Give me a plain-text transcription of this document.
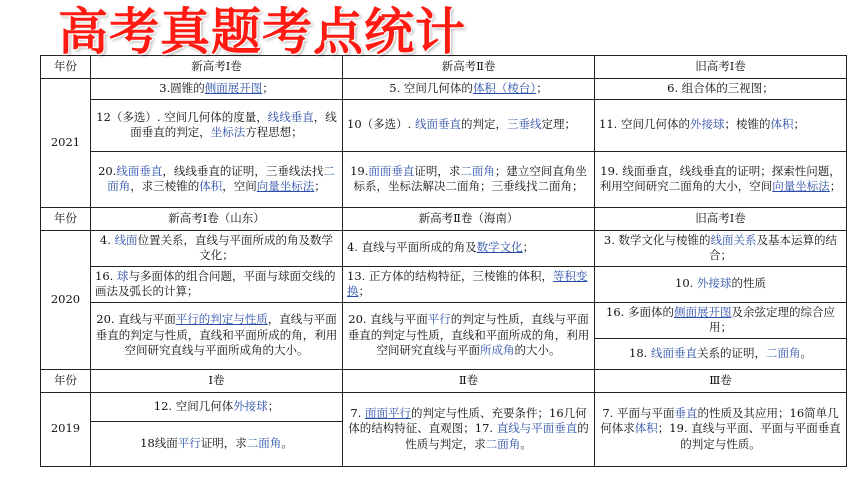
高考真题考点统计
年份	新高考Ⅰ卷	新高考Ⅱ卷	旧高考Ⅰ卷
2021	3.圆锥的侧面展开图；	5. 空间几何体的体积（棱台）；	6. 组合体的三视图；
	12（多选）. 空间几何体的度量，线线垂直，线面垂直的判定，坐标法方程思想；	10（多选）. 线面垂直的判定，三垂线定理；	11. 空间几何体的外接球；棱锥的体积；
	20.线面垂直，线线垂直的证明，三垂线法找二面角，求三棱锥的体积，空间向量坐标法；	19.面面垂直证明，求二面角；建立空间直角坐标系，坐标法解决二面角；三垂线找二面角；	19. 线面垂直，线线垂直的证明；探索性问题，利用空间研究二面角的大小，空间向量坐标法；
年份	新高考Ⅰ卷（山东）	新高考Ⅱ卷（海南）	旧高考Ⅰ卷
2020	4. 线面位置关系，直线与平面所成的角及数学文化；	4. 直线与平面所成的角及数学文化；	3. 数学文化与棱锥的线面关系及基本运算的结合；
	16. 球与多面体的组合问题，平面与球面交线的画法及弧长的计算；	13. 正方体的结构特征，三棱锥的体积，等积变换；	10. 外接球的性质
	20. 直线与平面平行的判定与性质，直线与平面垂直的判定与性质，直线和平面所成的角，利用空间研究直线与平面所成角的大小。	20. 直线与平面平行的判定与性质，直线与平面垂直的判定与性质，直线和平面所成的角，利用空间研究直线与平面所成角的大小。	16. 多面体的侧面展开图及余弦定理的综合应用；
			18. 线面垂直关系的证明，二面角。
年份	Ⅰ卷	Ⅱ卷	Ⅲ卷
2019	12. 空间几何体外接球；	7. 面面平行的判定与性质、充要条件；16几何体的结构特征、直观图；17. 直线与平面垂直的性质与判定，求二面角。	7. 平面与平面垂直的性质及其应用；16简单几何体求体积；19. 直线与平面、平面与平面垂直的判定与性质。
	18线面平行证明，求二面角。		
